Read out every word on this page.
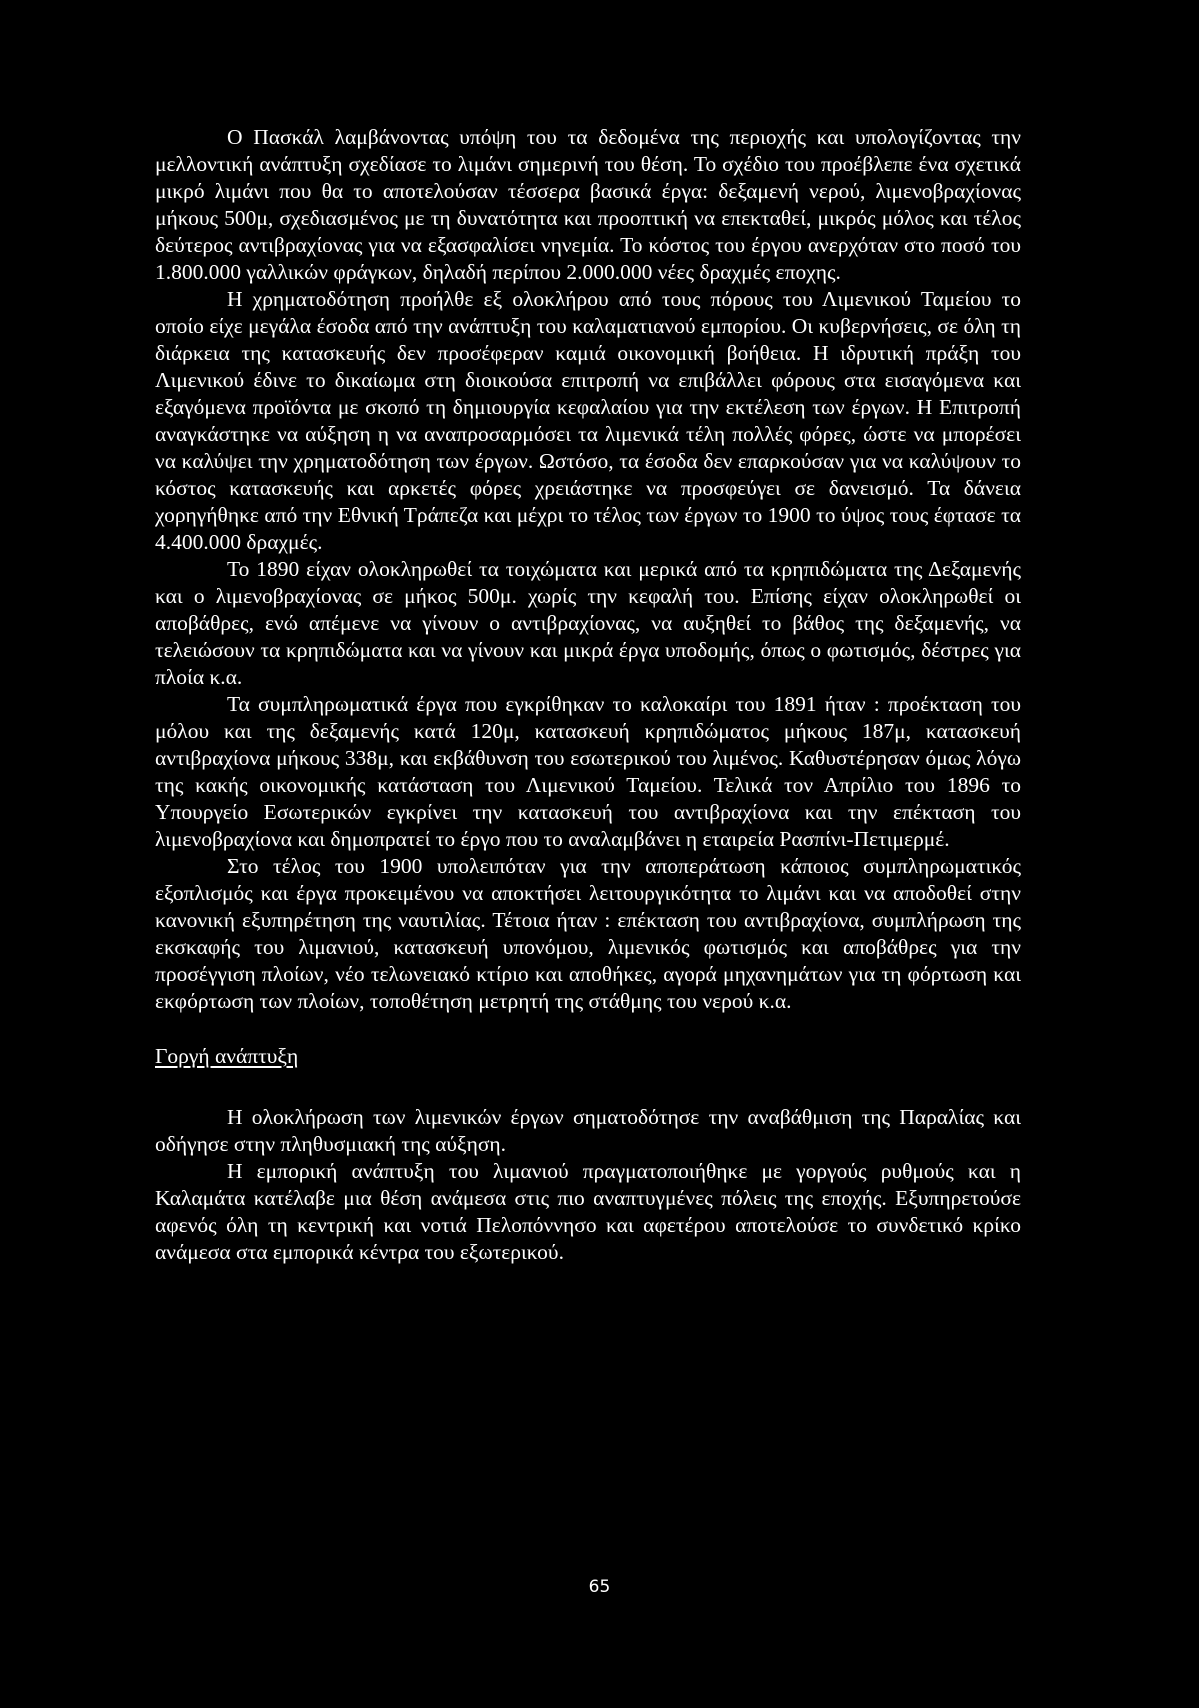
Ο Πασκάλ λαμβάνοντας υπόψη του τα δεδομένα της περιοχής και υπολογίζοντας την μελλοντική ανάπτυξη σχεδίασε το λιμάνι σημερινή του θέση. Το σχέδιο του προέβλεπε ένα σχετικά μικρό λιμάνι που θα το αποτελούσαν τέσσερα βασικά έργα: δεξαμενή νερού, λιμενοβραχίονας μήκους 500μ, σχεδιασμένος με τη δυνατότητα και προοπτική να επεκταθεί, μικρός μόλος και τέλος δεύτερος αντιβραχίονας για να εξασφαλίσει νηνεμία. Το κόστος του έργου ανερχόταν στο ποσό του 1.800.000 γαλλικών φράγκων, δηλαδή περίπου 2.000.000 νέες δραχμές εποχης.

Η χρηματοδότηση προήλθε εξ ολοκλήρου από τους πόρους του Λιμενικού Ταμείου το οποίο είχε μεγάλα έσοδα από την ανάπτυξη του καλαματιανού εμπορίου. Οι κυβερνήσεις, σε όλη τη διάρκεια της κατασκευής δεν προσέφεραν καμιά οικονομική βοήθεια. Η ιδρυτική πράξη του Λιμενικού έδινε το δικαίωμα στη διοικούσα επιτροπή να επιβάλλει φόρους στα εισαγόμενα και εξαγόμενα προϊόντα με σκοπό τη δημιουργία κεφαλαίου για την εκτέλεση των έργων. Η Επιτροπή αναγκάστηκε να αύξηση η να αναπροσαρμόσει τα λιμενικά τέλη πολλές φόρες, ώστε να μπορέσει να καλύψει την χρηματοδότηση των έργων. Ωστόσο, τα έσοδα δεν επαρκούσαν για να καλύψουν το κόστος κατασκευής και αρκετές φόρες χρειάστηκε να προσφεύγει σε δανεισμό. Τα δάνεια χορηγήθηκε από την Εθνική Τράπεζα και μέχρι το τέλος των έργων το 1900 το ύψος τους έφτασε τα 4.400.000 δραχμές.

Το 1890 είχαν ολοκληρωθεί τα τοιχώματα και μερικά από τα κρηπιδώματα της Δεξαμενής και ο λιμενοβραχίονας σε μήκος 500μ. χωρίς την κεφαλή του. Επίσης είχαν ολοκληρωθεί οι αποβάθρες, ενώ απέμενε να γίνουν ο αντιβραχίονας, να αυξηθεί το βάθος της δεξαμενής, να τελειώσουν τα κρηπιδώματα και να γίνουν και μικρά έργα υποδομής, όπως ο φωτισμός, δέστρες για πλοία κ.α.

Τα συμπληρωματικά έργα που εγκρίθηκαν το καλοκαίρι του 1891 ήταν : προέκταση του μόλου και της δεξαμενής κατά 120μ, κατασκευή κρηπιδώματος μήκους 187μ, κατασκευή αντιβραχίονα μήκους 338μ, και εκβάθυνση του εσωτερικού του λιμένος. Καθυστέρησαν όμως λόγω της κακής οικονομικής κατάσταση του Λιμενικού Ταμείου. Τελικά τον Απρίλιο του 1896 το Υπουργείο Εσωτερικών εγκρίνει την κατασκευή του αντιβραχίονα και την επέκταση του λιμενοβραχίονα και δημοπρατεί το έργο που το αναλαμβάνει η εταιρεία Ρασπίνι-Πετιμερμέ.

Στο τέλος του 1900 υπολειπόταν για την αποπεράτωση κάποιος συμπληρωματικός εξοπλισμός και έργα προκειμένου να αποκτήσει λειτουργικότητα το λιμάνι και να αποδοθεί στην κανονική εξυπηρέτηση της ναυτιλίας. Τέτοια ήταν : επέκταση του αντιβραχίονα, συμπλήρωση της εκσκαφής του λιμανιού, κατασκευή υπονόμου, λιμενικός φωτισμός και αποβάθρες για την προσέγγιση πλοίων, νέο τελωνειακό κτίριο και αποθήκες, αγορά μηχανημάτων για τη φόρτωση και εκφόρτωση των πλοίων, τοποθέτηση μετρητή της στάθμης του νερού κ.α.

Γοργή ανάπτυξη

Η ολοκλήρωση των λιμενικών έργων σηματοδότησε την αναβάθμιση της Παραλίας και οδήγησε στην πληθυσμιακή της αύξηση.

Η εμπορική ανάπτυξη του λιμανιού πραγματοποιήθηκε με γοργούς ρυθμούς και η Καλαμάτα κατέλαβε μια θέση ανάμεσα στις πιο αναπτυγμένες πόλεις της εποχής. Εξυπηρετούσε αφενός όλη τη κεντρική και νοτιά Πελοπόννησο και αφετέρου αποτελούσε το συνδετικό κρίκο ανάμεσα στα εμπορικά κέντρα του εξωτερικού.

65
